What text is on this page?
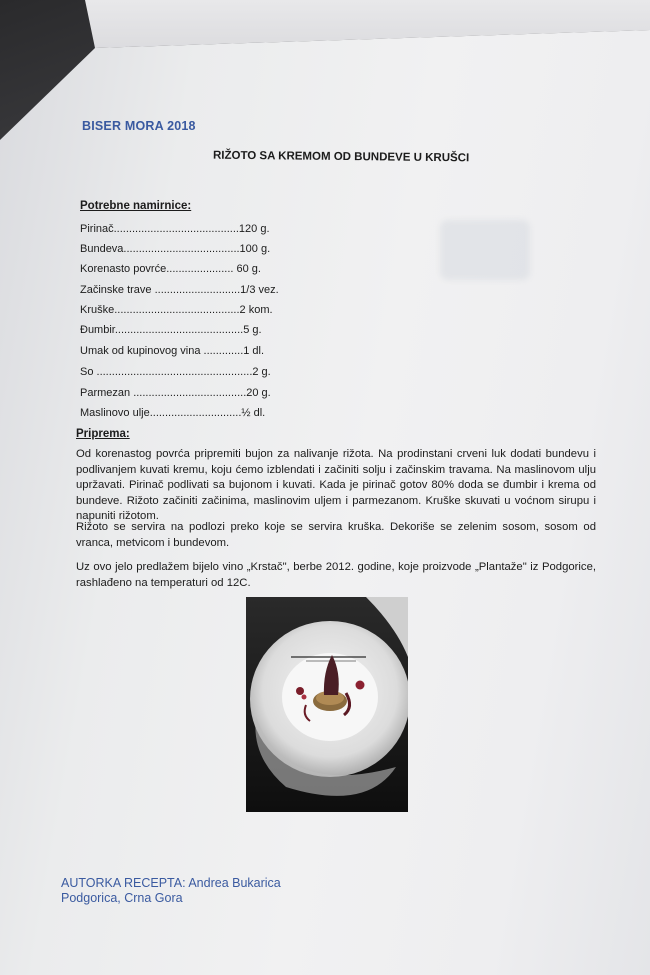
BISER MORA 2018
RIŽOTO SA KREMOM OD BUNDEVE U KRUŠCI
Potrebne namirnice:
Pirinač.........................................120 g.
Bundeva......................................100 g.
Korenasto povrće...................... 60 g.
Začinske trave ............................1/3 vez.
Kruške.........................................2 kom.
Đumbir..........................................5 g.
Umak od kupinovog vina .............1 dl.
So ...................................................2 g.
Parmezan .....................................20 g.
Maslinovo ulje..............................½ dl.
Priprema:

Od korenastog povrća pripremiti bujon za nalivanje rižota. Na prodinstani crveni luk dodati bundevu i podlivanjem kuvati kremu, koju ćemo izblendati i začiniti solju i začinskim travama. Na maslinovom ulju upržavati. Pirinač podlivati sa bujonom i kuvati. Kada je pirinač gotov 80% doda se đumbir i krema od bundeve. Rižoto začiniti začinima, maslinovim uljem i parmezanom. Kruške skuvati u voćnom sirupu i napuniti rižotom.

Rižoto se servira na podlozi preko koje se servira kruška. Dekoriše se zelenim sosom, sosom od vranca, metvicom i bundevom.

Uz ovo jelo predlažem bijelo vino „Krstač", berbe 2012. godine, koje proizvode „Plantaže" iz Podgorice, rashlađeno na temperaturi od 12C.

AUTORKA RECEPTA: Andrea Bukarica
Podgorica, Crna Gora
